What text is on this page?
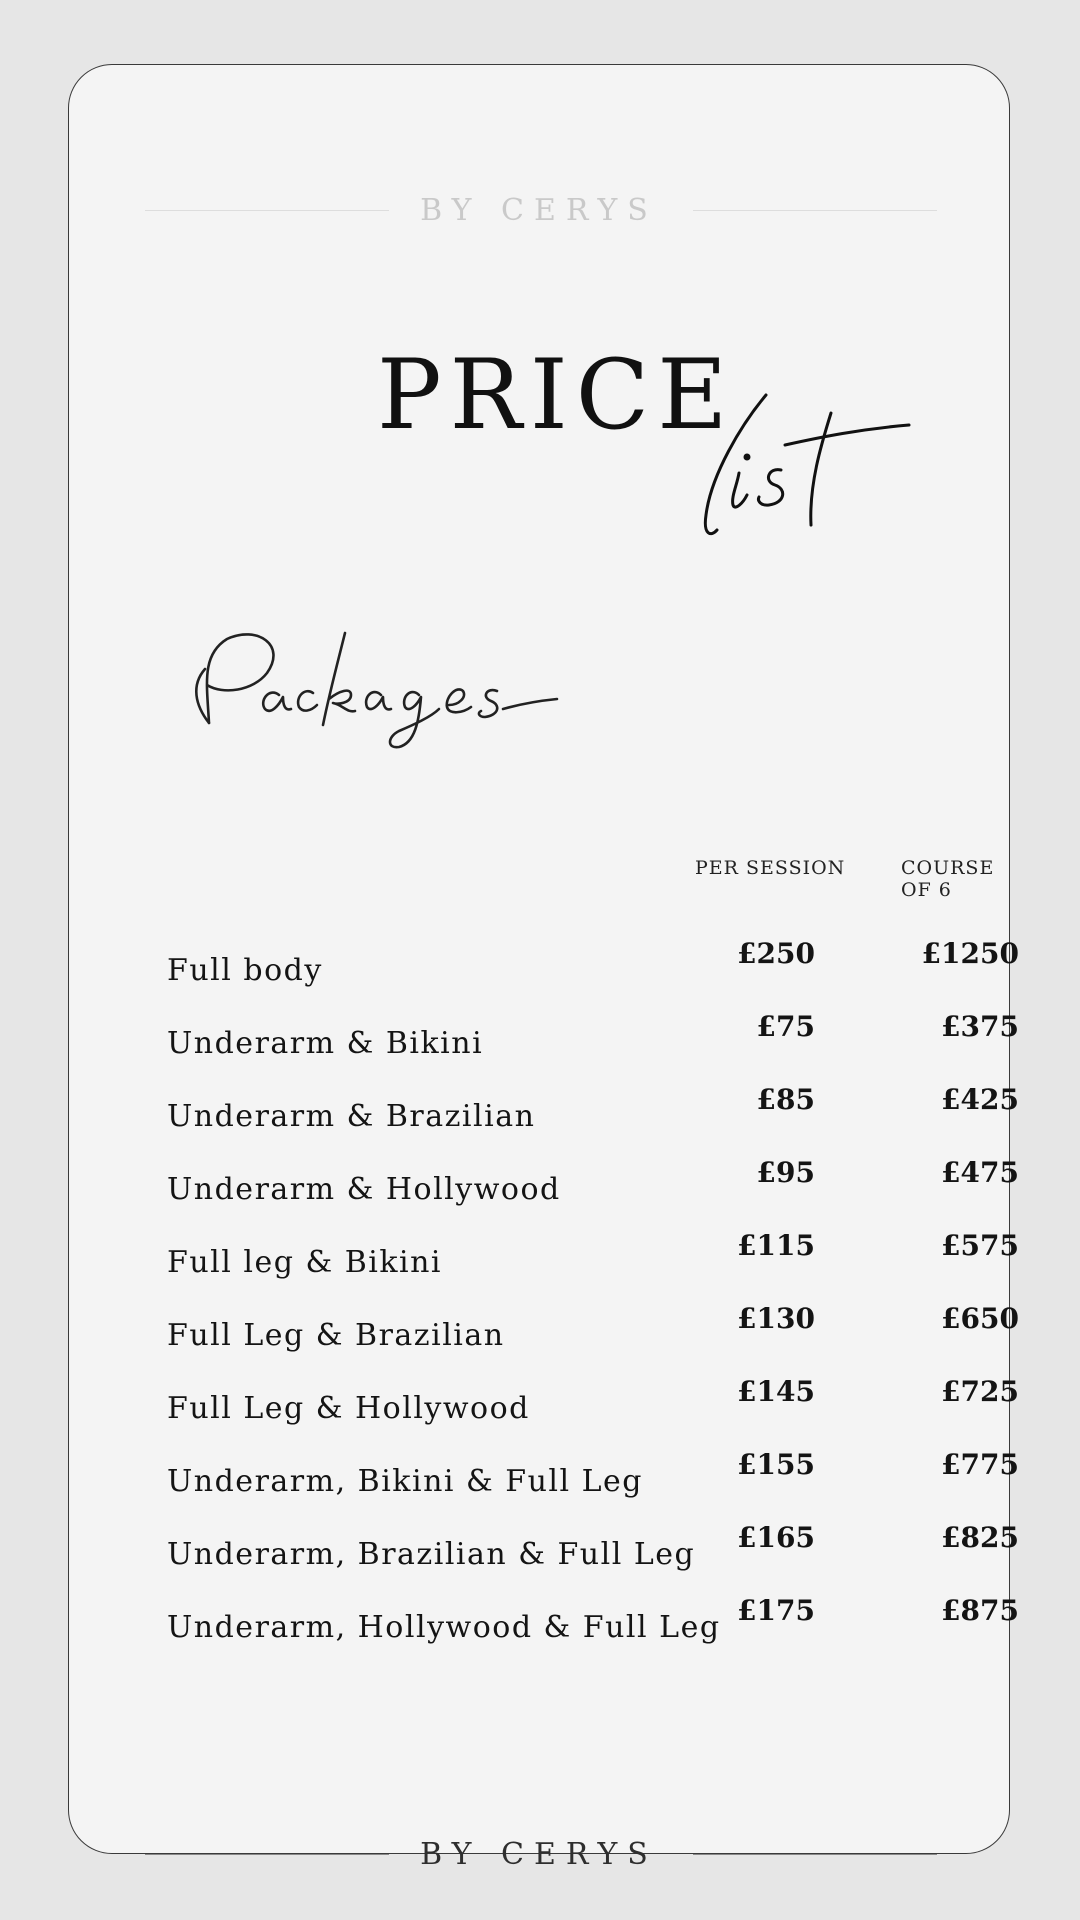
BY CERYS
PRICE
PER SESSION	COURSE OF 6
Full body	£250	£1250
Underarm & Bikini	£75	£375
Underarm & Brazilian	£85	£425
Underarm & Hollywood	£95	£475
Full leg & Bikini	£115	£575
Full Leg & Brazilian	£130	£650
Full Leg & Hollywood	£145	£725
Underarm, Bikini & Full Leg	£155	£775
Underarm, Brazilian & Full Leg	£165	£825
Underarm, Hollywood & Full Leg £175	£875
BY CERYS
